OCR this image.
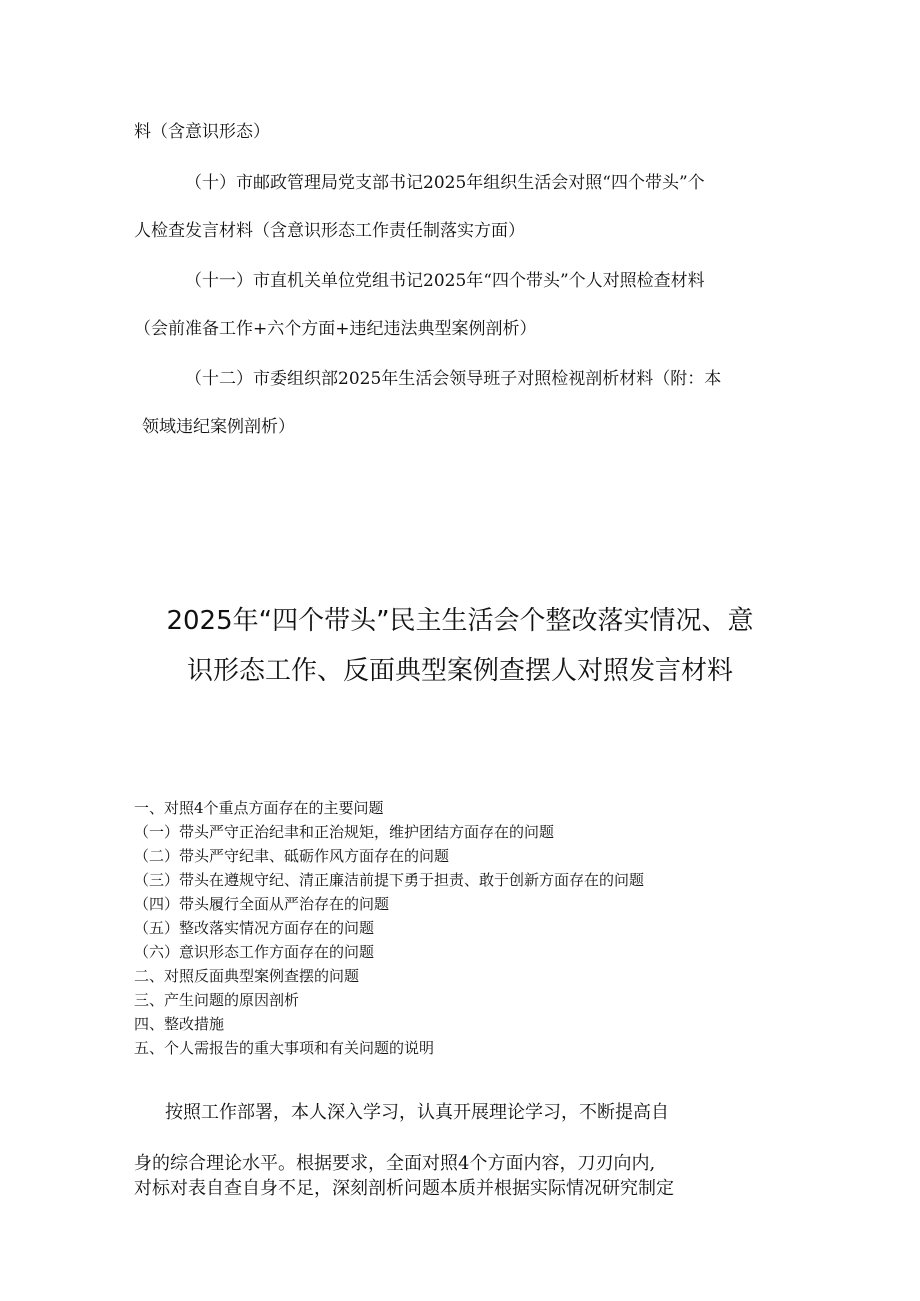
料（含意识形态）

（十）市邮政管理局党支部书记2025年组织生活会对照“四个带头”个

人检查发言材料（含意识形态工作责任制落实方面）

（十一）市直机关单位党组书记2025年“四个带头”个人对照检查材料

（会前准备工作+六个方面+违纪违法典型案例剖析）

（十二）市委组织部2025年生活会领导班子对照检视剖析材料（附：本

领域违纪案例剖析）

2025年“四个带头”民主生活会个整改落实情况、意
识形态工作、反面典型案例查摆人对照发言材料
一、对照4个重点方面存在的主要问题
（一）带头严守正治纪聿和正治规矩，维护团结方面存在的问题
（二）带头严守纪聿、砥砺作风方面存在的问题
（三）带头在遵规守纪、清正廉洁前提下勇于担责、敢于创新方面存在的问题
（四）带头履行全面从严治存在的问题
（五）整改落实情况方面存在的问题
（六）意识形态工作方面存在的问题
二、对照反面典型案例查摆的问题
三、产生问题的原因剖析
四、整改措施
五、个人需报告的重大事项和有关问题的说明
按照工作部署，本人深入学习，认真开展理论学习，不断提高自
身的综合理论水平。根据要求，全面对照4个方面内容，刀刃向内,
对标对表自查自身不足，深刻剖析问题本质并根据实际情况研究制定
